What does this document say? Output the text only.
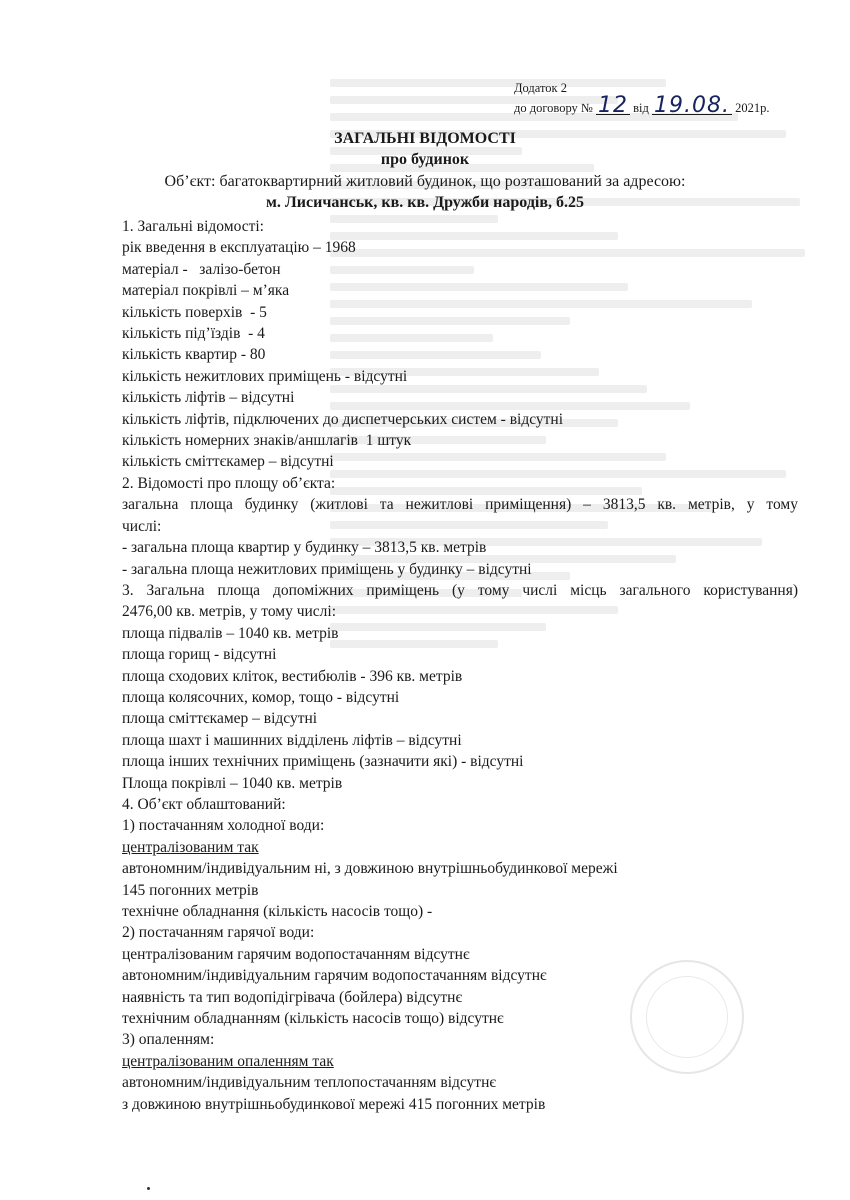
Додаток 2
до договору № 12 від 19.08. 2021р.
ЗАГАЛЬНІ ВІДОМОСТІ
про будинок
Об’єкт: багатоквартирний житловий будинок, що розташований за адресою:
м. Лисичанськ, кв. кв. Дружби народів, б.25
1. Загальні відомості:
рік введення в експлуатацію – 1968
матеріал -   залізо-бетон
матеріал покрівлі – м’яка
кількість поверхів  - 5
кількість під’їздів  - 4
кількість квартир - 80
кількість нежитлових приміщень - відсутні
кількість ліфтів – відсутні
кількість ліфтів, підключених до диспетчерських систем - відсутні
кількість номерних знаків/аншлагів  1 штук
кількість сміттєкамер – відсутні
2. Відомості про площу об’єкта:
загальна площа будинку (житлові та нежитлові приміщення) – 3813,5 кв. метрів, у тому
числі:
- загальна площа квартир у будинку – 3813,5 кв. метрів
- загальна площа нежитлових приміщень у будинку – відсутні
3. Загальна площа допоміжних приміщень (у тому числі місць загального користування)
2476,00 кв. метрів, у тому числі:
площа підвалів – 1040 кв. метрів
площа горищ - відсутні
площа сходових кліток, вестибюлів - 396 кв. метрів
площа колясочних, комор, тощо - відсутні
площа сміттєкамер – відсутні
площа шахт і машинних відділень ліфтів – відсутні
площа інших технічних приміщень (зазначити які) - відсутні
Площа покрівлі – 1040 кв. метрів
4. Об’єкт облаштований:
1) постачанням холодної води:
централізованим так
автономним/індивідуальним ні, з довжиною внутрішньобудинкової мережі
145 погонних метрів
технічне обладнання (кількість насосів тощо) -
2) постачанням гарячої води:
централізованим гарячим водопостачанням відсутнє
автономним/індивідуальним гарячим водопостачанням відсутнє
наявність та тип водопідігрівача (бойлера) відсутнє
технічним обладнанням (кількість насосів тощо) відсутнє
3) опаленням:
централізованим опаленням так
автономним/індивідуальним теплопостачанням відсутнє
з довжиною внутрішньобудинкової мережі 415 погонних метрів
